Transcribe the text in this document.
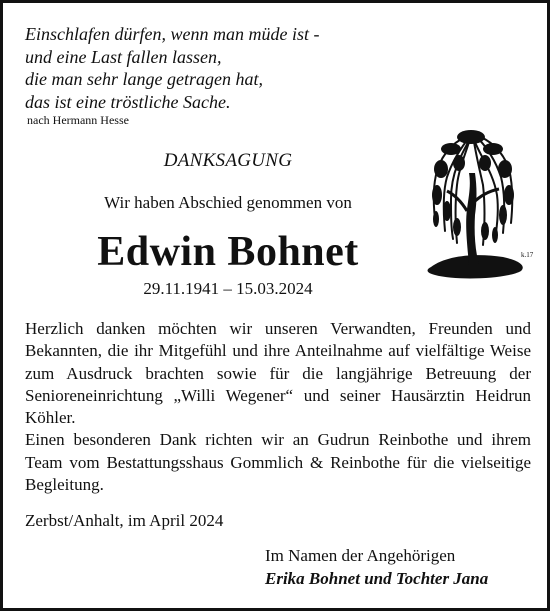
Einschlafen dürfen, wenn man müde ist -
und eine Last fallen lassen,
die man sehr lange getragen hat,
das ist eine tröstliche Sache.
nach Hermann Hesse
DANKSAGUNG
Wir haben Abschied genommen von
Edwin Bohnet
29.11.1941 – 15.03.2024
k.17

Herzlich danken möchten wir unseren Verwandten, Freunden und Bekannten, die ihr Mitgefühl und ihre Anteilnahme auf vielfältige Weise zum Ausdruck brachten sowie für die langjährige Betreuung der Senioreneinrichtung „Willi Wegener“ und seiner Hausärztin Heidrun Köhler.

Einen besonderen Dank richten wir an Gudrun Reinbothe und ihrem Team vom Bestattungsshaus Gommlich & Reinbothe für die vielseitige Begleitung.

Zerbst/Anhalt, im April 2024
Im Namen der Angehörigen
Erika Bohnet und Tochter Jana
